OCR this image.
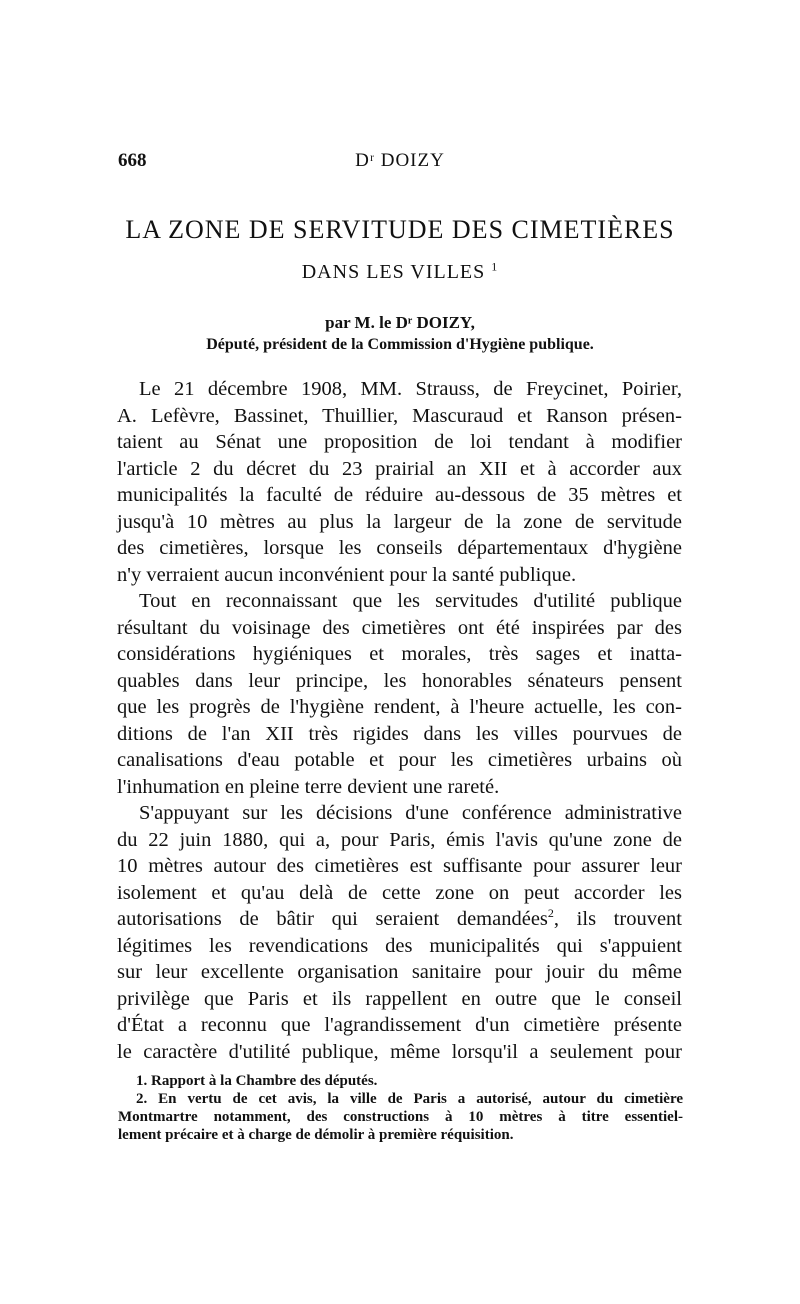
668	Dʳ DOIZY
LA ZONE DE SERVITUDE DES CIMETIÈRES
DANS LES VILLES $^1$
par M. le Dʳ DOIZY,
Député, président de la Commission d'Hygiène publique.
Le 21 décembre 1908, MM. Strauss, de Freycinet, Poirier,
A. Lefèvre, Bassinet, Thuillier, Mascuraud et Ranson présen-
taient au Sénat une proposition de loi tendant à modifier
l'article 2 du décret du 23 prairial an XII et à accorder aux
municipalités la faculté de réduire au-dessous de 35 mètres et
jusqu'à 10 mètres au plus la largeur de la zone de servitude
des cimetières, lorsque les conseils départementaux d'hygiène
n'y verraient aucun inconvénient pour la santé publique.
Tout en reconnaissant que les servitudes d'utilité publique
résultant du voisinage des cimetières ont été inspirées par des
considérations hygiéniques et morales, très sages et inatta-
quables dans leur principe, les honorables sénateurs pensent
que les progrès de l'hygiène rendent, à l'heure actuelle, les con-
ditions de l'an XII très rigides dans les villes pourvues de
canalisations d'eau potable et pour les cimetières urbains où
l'inhumation en pleine terre devient une rareté.
S'appuyant sur les décisions d'une conférence administrative
du 22 juin 1880, qui a, pour Paris, émis l'avis qu'une zone de
10 mètres autour des cimetières est suffisante pour assurer leur
isolement et qu'au delà de cette zone on peut accorder les
autorisations de bâtir qui seraient demandées$^2$, ils trouvent
légitimes les revendications des municipalités qui s'appuient
sur leur excellente organisation sanitaire pour jouir du même
privilège que Paris et ils rappellent en outre que le conseil
d'État a reconnu que l'agrandissement d'un cimetière présente
le caractère d'utilité publique, même lorsqu'il a seulement pour
1. Rapport à la Chambre des députés.
2. En vertu de cet avis, la ville de Paris a autorisé, autour du cimetière
Montmartre notamment, des constructions à 10 mètres à titre essentiel-
lement précaire et à charge de démolir à première réquisition.
